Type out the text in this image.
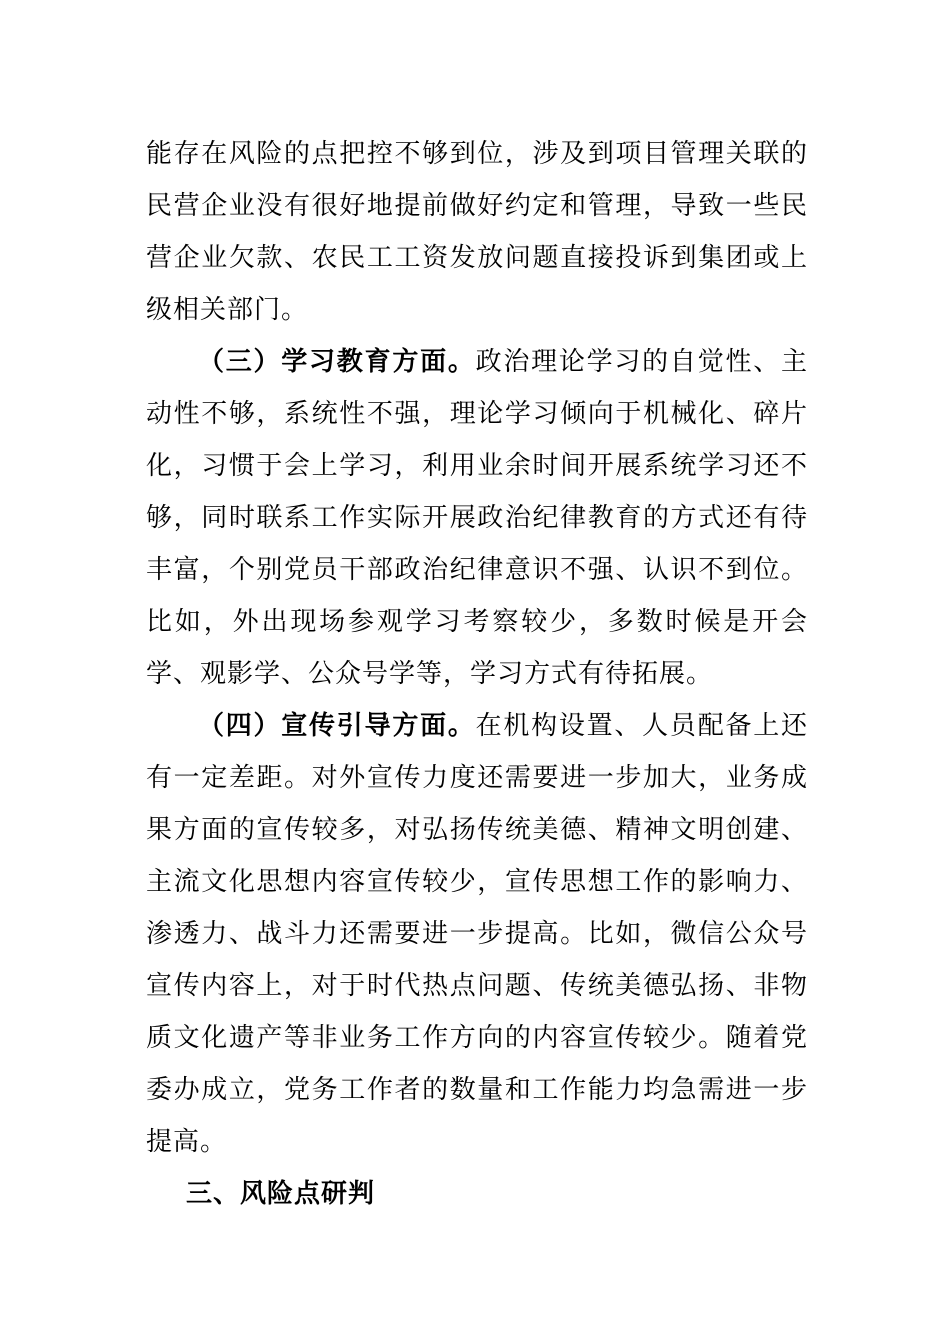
能存在风险的点把控不够到位，涉及到项目管理关联的民营企业没有很好地提前做好约定和管理，导致一些民营企业欠款、农民工工资发放问题直接投诉到集团或上级相关部门。

（三）学习教育方面。政治理论学习的自觉性、主动性不够，系统性不强，理论学习倾向于机械化、碎片化，习惯于会上学习，利用业余时间开展系统学习还不够，同时联系工作实际开展政治纪律教育的方式还有待丰富，个别党员干部政治纪律意识不强、认识不到位。比如，外出现场参观学习考察较少，多数时候是开会学、观影学、公众号学等，学习方式有待拓展。

（四）宣传引导方面。在机构设置、人员配备上还有一定差距。对外宣传力度还需要进一步加大，业务成果方面的宣传较多，对弘扬传统美德、精神文明创建、主流文化思想内容宣传较少，宣传思想工作的影响力、渗透力、战斗力还需要进一步提高。比如，微信公众号宣传内容上，对于时代热点问题、传统美德弘扬、非物质文化遗产等非业务工作方向的内容宣传较少。随着党委办成立，党务工作者的数量和工作能力均急需进一步提高。

三、风险点研判
